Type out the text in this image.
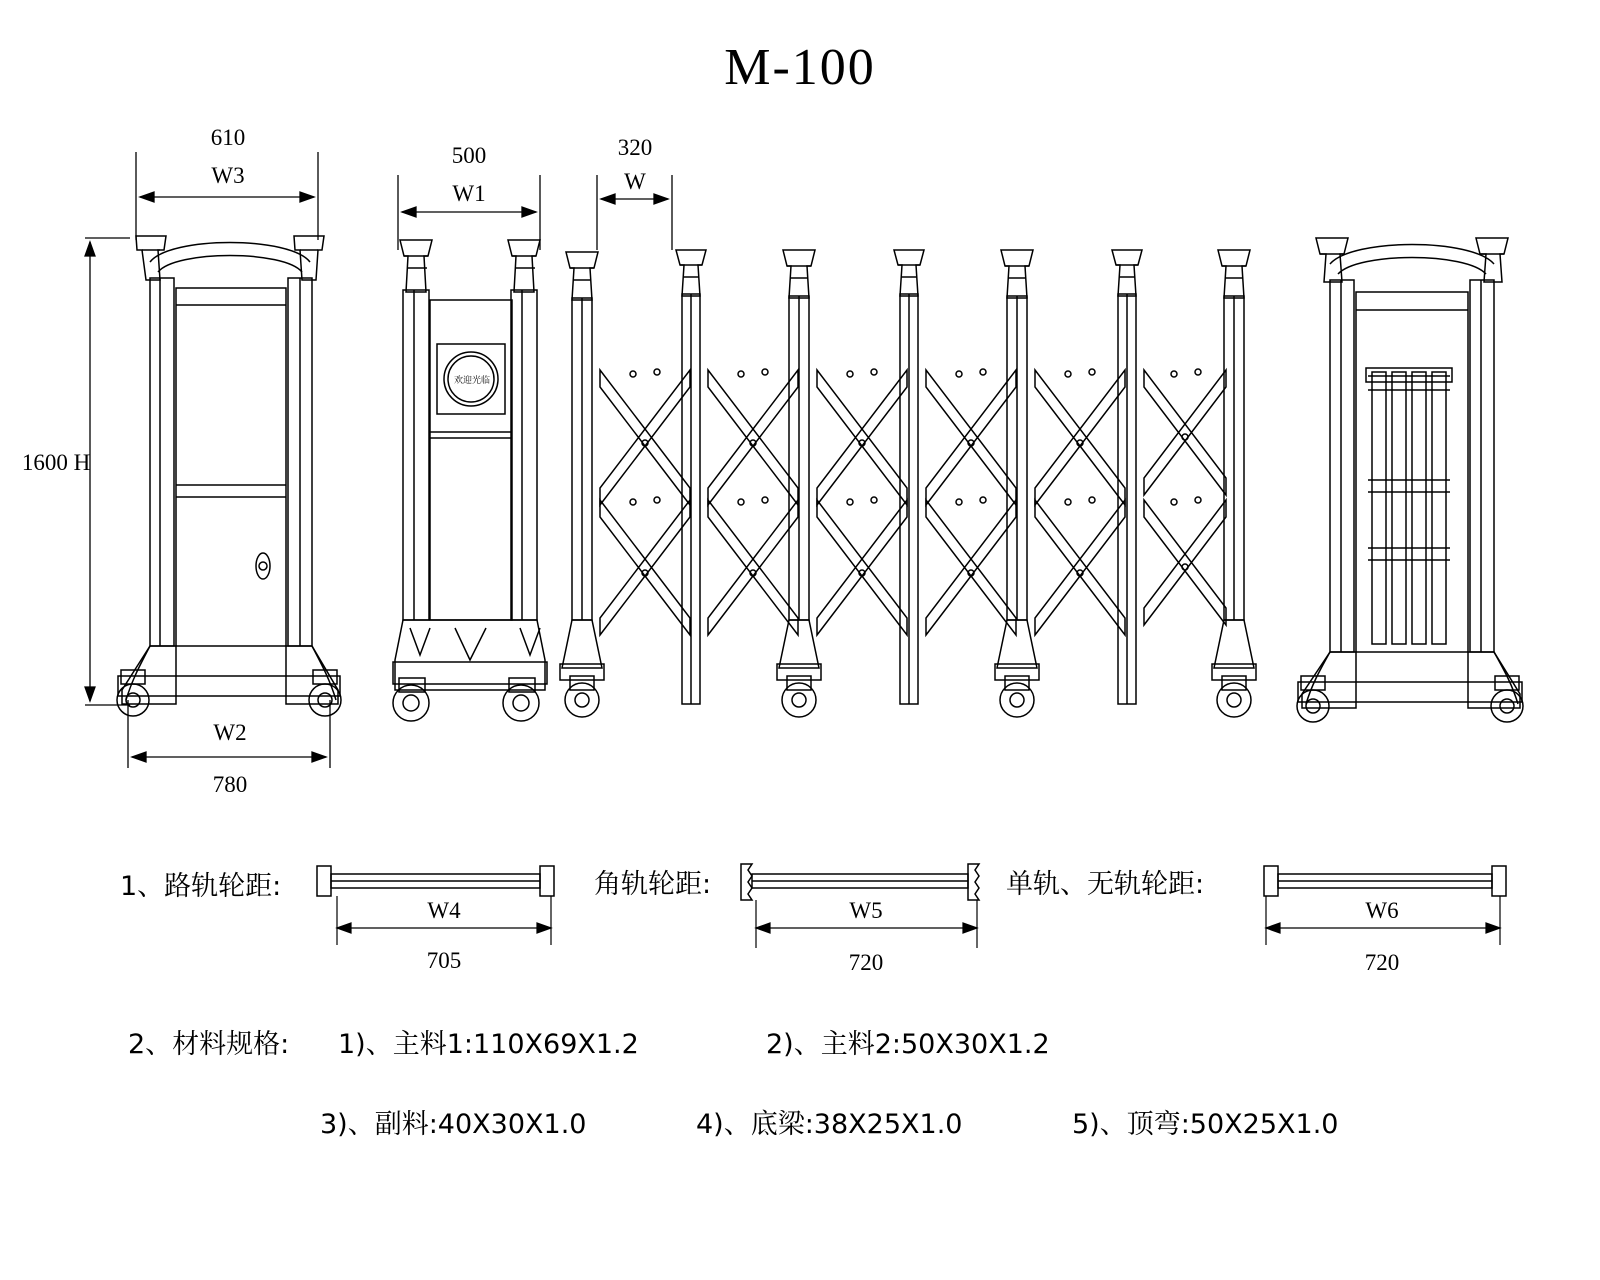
M-100
610
W3
500
W1
320
W
1600 H
W2
780
欢迎光临
1、路轨轮距:
W4
705
角轨轮距:
W5
720
单轨、无轨轮距:
W6
720
2、材料规格: 1)、主料1:110X69X1.2	2)、主料2:50X30X1.2
3)、副料:40X30X1.0	4)、底梁:38X25X1.0	5)、顶弯:50X25X1.0
